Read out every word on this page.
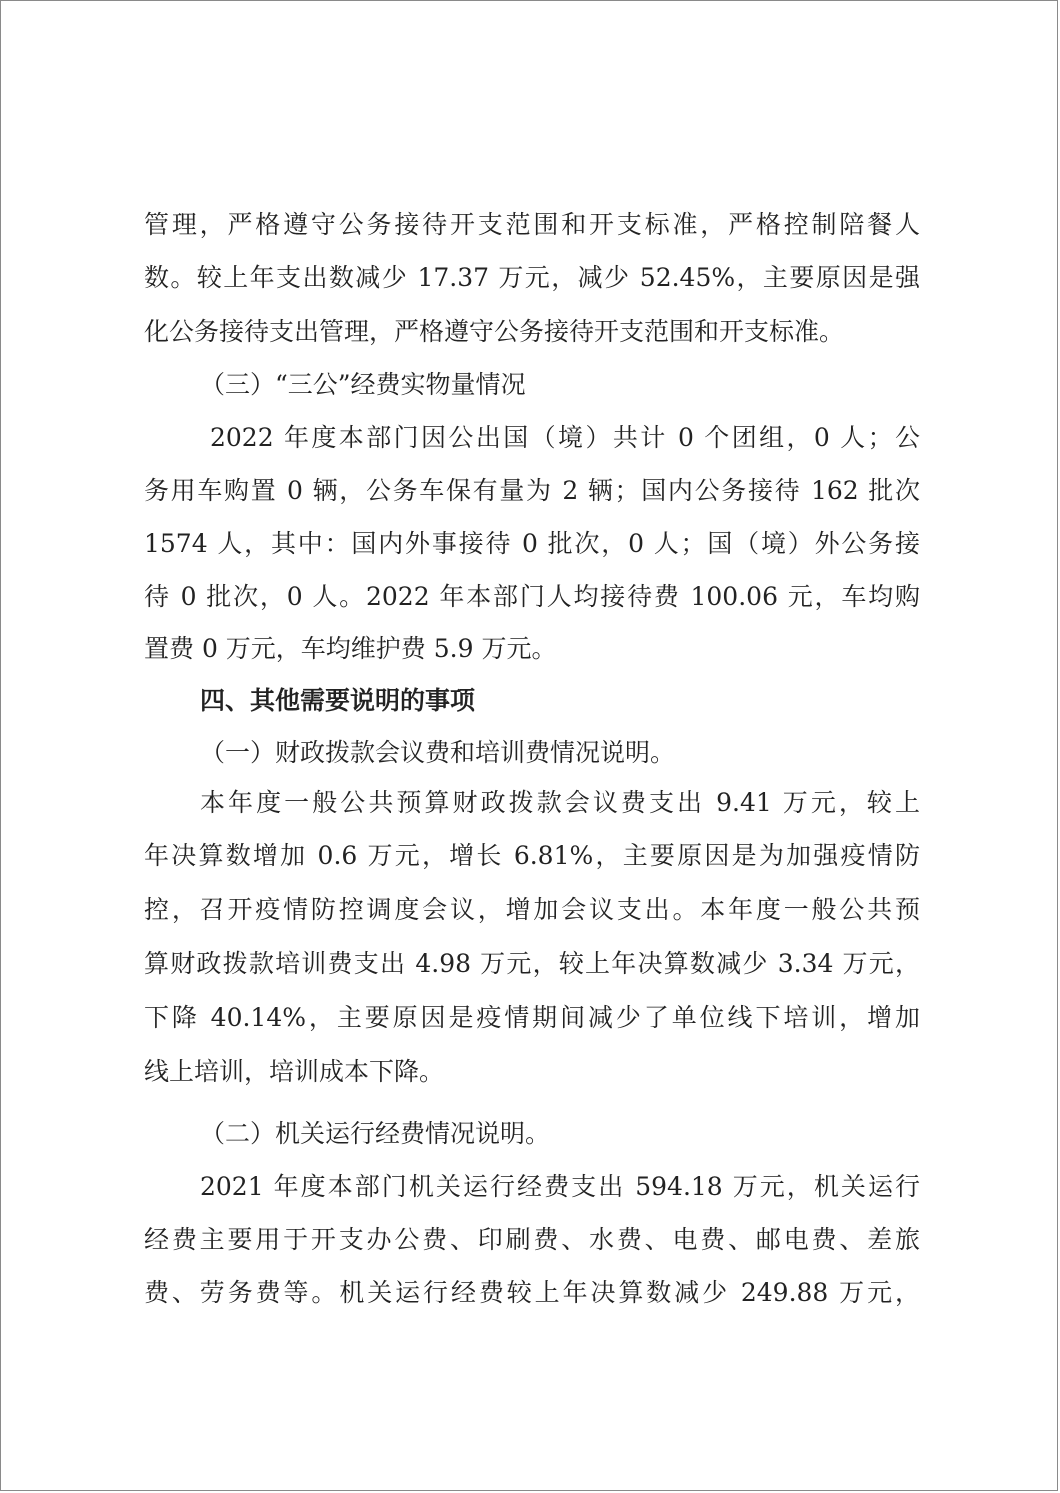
管理，严格遵守公务接待开支范围和开支标准，严格控制陪餐人
数。较上年支出数减少 17.37 万元，减少 52.45%，主要原因是强
化公务接待支出管理，严格遵守公务接待开支范围和开支标准。
（三）“三公”经费实物量情况
2022 年度本部门因公出国（境）共计 0 个团组，0 人；公
务用车购置 0 辆，公务车保有量为 2 辆；国内公务接待 162 批次
1574 人，其中：国内外事接待 0 批次，0 人；国（境）外公务接
待 0 批次，0 人。2022 年本部门人均接待费 100.06 元，车均购
置费 0 万元，车均维护费 5.9 万元。
四、其他需要说明的事项
（一）财政拨款会议费和培训费情况说明。
本年度一般公共预算财政拨款会议费支出 9.41 万元，较上
年决算数增加 0.6 万元，增长 6.81%，主要原因是为加强疫情防
控，召开疫情防控调度会议，增加会议支出。本年度一般公共预
算财政拨款培训费支出 4.98 万元，较上年决算数减少 3.34 万元，
下降 40.14%，主要原因是疫情期间减少了单位线下培训，增加
线上培训，培训成本下降。
（二）机关运行经费情况说明。
2021 年度本部门机关运行经费支出 594.18 万元，机关运行
经费主要用于开支办公费、印刷费、水费、电费、邮电费、差旅
费、劳务费等。机关运行经费较上年决算数减少 249.88 万元，
